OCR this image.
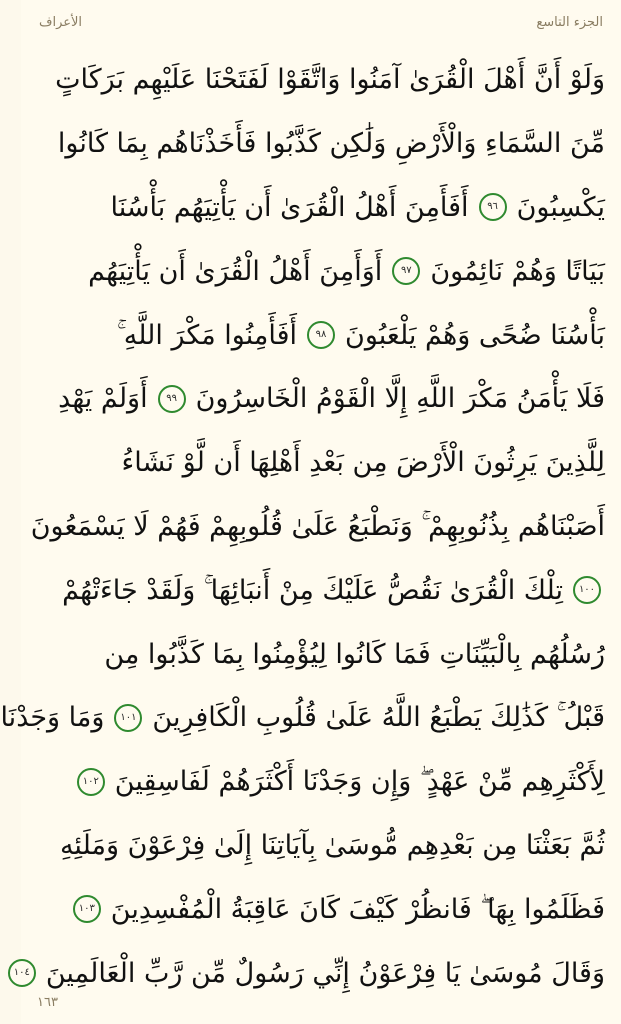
الجزء التاسع
الأعراف
وَلَوْ أَنَّ أَهْلَ الْقُرَىٰ آمَنُوا وَاتَّقَوْا لَفَتَحْنَا عَلَيْهِم بَرَكَاتٍ
مِّنَ السَّمَاءِ وَالْأَرْضِ وَلَٰكِن كَذَّبُوا فَأَخَذْنَاهُم بِمَا كَانُوا
يَكْسِبُونَ
٩٦
أَفَأَمِنَ أَهْلُ الْقُرَىٰ أَن يَأْتِيَهُم بَأْسُنَا
بَيَاتًا وَهُمْ نَائِمُونَ
٩٧
أَوَأَمِنَ أَهْلُ الْقُرَىٰ أَن يَأْتِيَهُم
بَأْسُنَا ضُحًى وَهُمْ يَلْعَبُونَ
٩٨
أَفَأَمِنُوا مَكْرَ اللَّهِ ۚ
فَلَا يَأْمَنُ مَكْرَ اللَّهِ إِلَّا الْقَوْمُ الْخَاسِرُونَ
٩٩
أَوَلَمْ يَهْدِ
لِلَّذِينَ يَرِثُونَ الْأَرْضَ مِن بَعْدِ أَهْلِهَا أَن لَّوْ نَشَاءُ
أَصَبْنَاهُم بِذُنُوبِهِمْ ۚ وَنَطْبَعُ عَلَىٰ قُلُوبِهِمْ فَهُمْ لَا يَسْمَعُونَ
١٠٠
تِلْكَ الْقُرَىٰ نَقُصُّ عَلَيْكَ مِنْ أَنبَائِهَا ۚ وَلَقَدْ جَاءَتْهُمْ
رُسُلُهُم بِالْبَيِّنَاتِ فَمَا كَانُوا لِيُؤْمِنُوا بِمَا كَذَّبُوا مِن
قَبْلُ ۚ كَذَٰلِكَ يَطْبَعُ اللَّهُ عَلَىٰ قُلُوبِ الْكَافِرِينَ
١٠١
وَمَا وَجَدْنَا
لِأَكْثَرِهِم مِّنْ عَهْدٍ ۖ وَإِن وَجَدْنَا أَكْثَرَهُمْ لَفَاسِقِينَ
١٠٢
ثُمَّ بَعَثْنَا مِن بَعْدِهِم مُّوسَىٰ بِآيَاتِنَا إِلَىٰ فِرْعَوْنَ وَمَلَئِهِ
فَظَلَمُوا بِهَا ۖ فَانظُرْ كَيْفَ كَانَ عَاقِبَةُ الْمُفْسِدِينَ
١٠٣
وَقَالَ مُوسَىٰ يَا فِرْعَوْنُ إِنِّي رَسُولٌ مِّن رَّبِّ الْعَالَمِينَ
١٠٤
١٦٣
